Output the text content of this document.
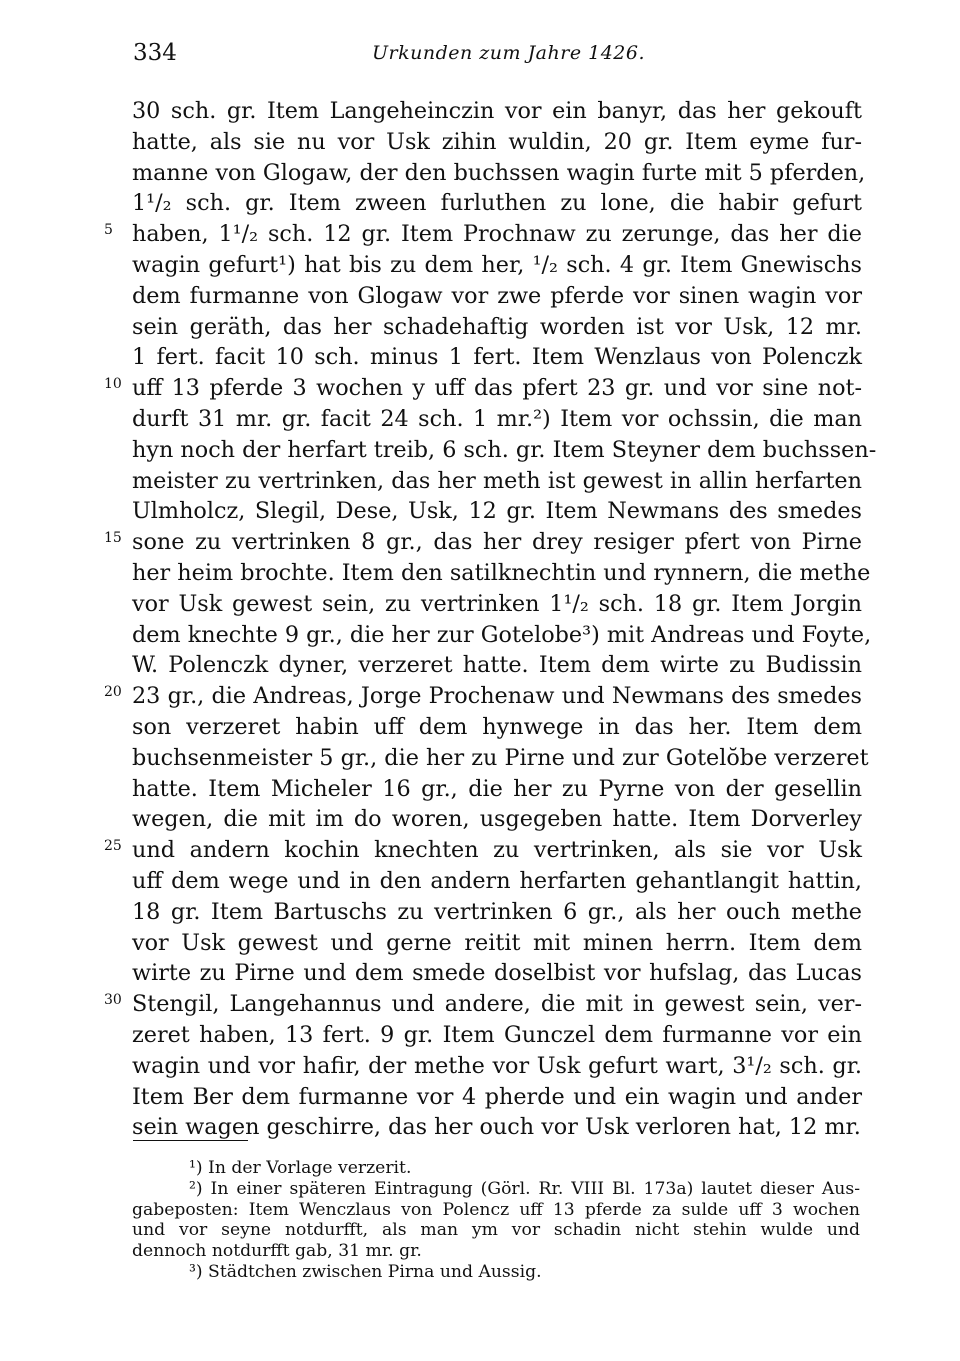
334	Urkunden zum Jahre 1426.
30 sch. gr. Item Langeheinczin vor ein banyr, das her gekouft
hatte, als sie nu vor Usk zihin wuldin, 20 gr. Item eyme fur-
manne von Glogaw, der den buchssen wagin furte mit 5 pferden,
1¹/₂ sch. gr. Item zween furluthen zu lone, die habir gefurt
5 haben, 1¹/₂ sch. 12 gr. Item Prochnaw zu zerunge, das her die
wagin gefurt¹) hat bis zu dem her, ¹/₂ sch. 4 gr. Item Gnewischs
dem furmanne von Glogaw vor zwe pferde vor sinen wagin vor
sein geräth, das her schadehaftig worden ist vor Usk, 12 mr.
1 fert. facit 10 sch. minus 1 fert. Item Wenzlaus von Polenczk
10 uff 13 pferde 3 wochen y uff das pfert 23 gr. und vor sine not-
durft 31 mr. gr. facit 24 sch. 1 mr.²) Item vor ochssin, die man
hyn noch der herfart treib, 6 sch. gr. Item Steyner dem buchssen-
meister zu vertrinken, das her meth ist gewest in allin herfarten
Ulmholcz, Slegil, Dese, Usk, 12 gr. Item Newmans des smedes
15 sone zu vertrinken 8 gr., das her drey resiger pfert von Pirne
her heim brochte. Item den satilknechtin und rynnern, die methe
vor Usk gewest sein, zu vertrinken 1¹/₂ sch. 18 gr. Item Jorgin
dem knechte 9 gr., die her zur Gotelobe³) mit Andreas und Foyte,
W. Polenczk dyner, verzeret hatte. Item dem wirte zu Budissin
20 23 gr., die Andreas, Jorge Prochenaw und Newmans des smedes
son verzeret habin uff dem hynwege in das her. Item dem
buchsenmeister 5 gr., die her zu Pirne und zur Gotelŏbe verzeret
hatte. Item Micheler 16 gr., die her zu Pyrne von der gesellin
wegen, die mit im do woren, usgegeben hatte. Item Dorverley
25 und andern kochin knechten zu vertrinken, als sie vor Usk
uff dem wege und in den andern herfarten gehantlangit hattin,
18 gr. Item Bartuschs zu vertrinken 6 gr., als her ouch methe
vor Usk gewest und gerne reitit mit minen herrn. Item dem
wirte zu Pirne und dem smede doselbist vor hufslag, das Lucas
30 Stengil, Langehannus und andere, die mit in gewest sein, ver-
zeret haben, 13 fert. 9 gr. Item Gunczel dem furmanne vor ein
wagin und vor hafir, der methe vor Usk gefurt wart, 3¹/₂ sch. gr.
Item Ber dem furmanne vor 4 pherde und ein wagin und ander
sein wagen geschirre, das her ouch vor Usk verloren hat, 12 mr.
¹) In der Vorlage verzerit.
²) In einer späteren Eintragung (Görl. Rr. VIII Bl. 173a) lautet dieser Aus-
gabeposten: Item Wenczlaus von Polencz uff 13 pferde za sulde uff 3 wochen
und vor seyne notdurfft, als man ym vor schadin nicht stehin wulde und
dennoch notdurfft gab, 31 mr. gr.
³) Städtchen zwischen Pirna und Aussig.
